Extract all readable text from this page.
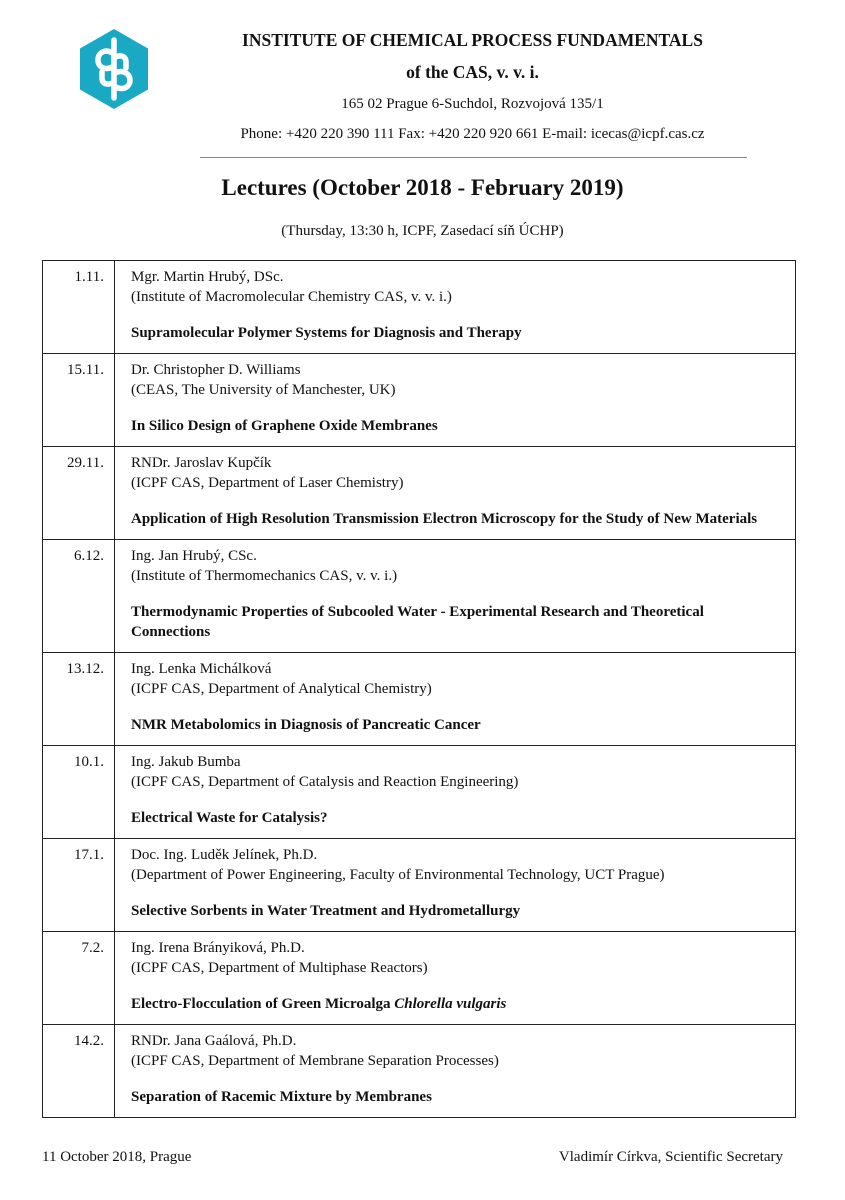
INSTITUTE OF CHEMICAL PROCESS FUNDAMENTALS
of the CAS, v. v. i.
165 02 Prague 6-Suchdol, Rozvojová 135/1
Phone: +420 220 390 111 Fax: +420 220 920 661 E-mail: icecas@icpf.cas.cz
Lectures (October 2018 - February 2019)
(Thursday, 13:30 h, ICPF, Zasedací síň ÚCHP)
1.11.	Mgr. Martin Hrubý, DSc.
(Institute of Macromolecular Chemistry CAS, v. v. i.)
Supramolecular Polymer Systems for Diagnosis and Therapy

15.11.	Dr. Christopher D. Williams
(CEAS, The University of Manchester, UK)
In Silico Design of Graphene Oxide Membranes

29.11.	RNDr. Jaroslav Kupčík
(ICPF CAS, Department of Laser Chemistry)
Application of High Resolution Transmission Electron Microscopy for the Study of New Materials

6.12.	Ing. Jan Hrubý, CSc.
(Institute of Thermomechanics CAS, v. v. i.)
Thermodynamic Properties of Subcooled Water - Experimental Research and Theoretical Connections

13.12.	Ing. Lenka Michálková
(ICPF CAS, Department of Analytical Chemistry)
NMR Metabolomics in Diagnosis of Pancreatic Cancer

10.1.	Ing. Jakub Bumba
(ICPF CAS, Department of Catalysis and Reaction Engineering)
Electrical Waste for Catalysis?

17.1.	Doc. Ing. Luděk Jelínek, Ph.D.
(Department of Power Engineering, Faculty of Environmental Technology, UCT Prague)
Selective Sorbents in Water Treatment and Hydrometallurgy

7.2.	Ing. Irena Brányiková, Ph.D.
(ICPF CAS, Department of Multiphase Reactors)
Electro-Flocculation of Green Microalga Chlorella vulgaris

14.2.	RNDr. Jana Gaálová, Ph.D.
(ICPF CAS, Department of Membrane Separation Processes)
Separation of Racemic Mixture by Membranes
11 October 2018, Prague	Vladimír Církva, Scientific Secretary
